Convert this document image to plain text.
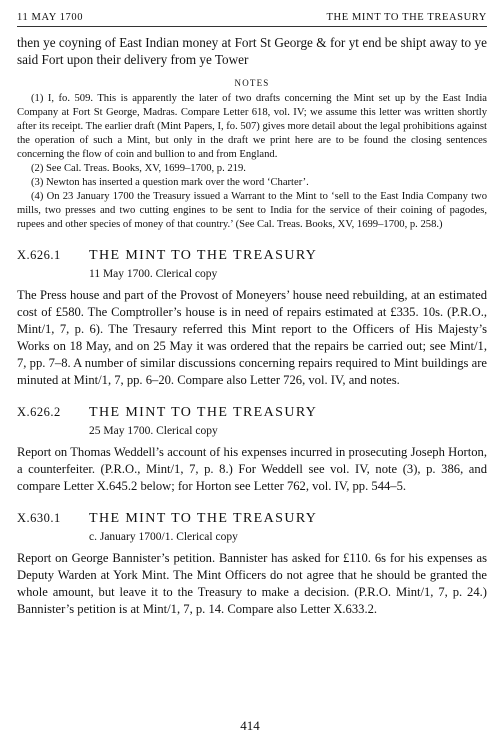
11 MAY 1700	THE MINT TO THE TREASURY

then ye coyning of East Indian money at Fort St George & for yt end be shipt away to ye said Fort upon their delivery from ye Tower

NOTES

(1) I, fo. 509. This is apparently the later of two drafts concerning the Mint set up by the East India Company at Fort St George, Madras. Compare Letter 618, vol. IV; we assume this letter was written shortly after its receipt. The earlier draft (Mint Papers, I, fo. 507) gives more detail about the legal prohibitions against the operation of such a Mint, but only in the draft we print here are to be found the closing sentences concerning the flow of coin and bullion to and from England.

(2) See Cal. Treas. Books, XV, 1699–1700, p. 219.

(3) Newton has inserted a question mark over the word ‘Charter’.

(4) On 23 January 1700 the Treasury issued a Warrant to the Mint to ‘sell to the East India Company two mills, two presses and two cutting engines to be sent to India for the service of their coining of pagodes, rupees and other species of money of that country.’ (See Cal. Treas. Books, XV, 1699–1700, p. 258.)

X.626.1	THE MINT TO THE TREASURY
11 May 1700. Clerical copy

The Press house and part of the Provost of Moneyers’ house need rebuilding, at an estimated cost of £580. The Comptroller’s house is in need of repairs estimated at £335. 10s. (P.R.O., Mint/1, 7, p. 6). The Tresaury referred this Mint report to the Officers of His Majesty’s Works on 18 May, and on 25 May it was ordered that the repairs be carried out; see Mint/1, 7, pp. 7–8. A number of similar discussions concerning repairs required to Mint buildings are minuted at Mint/1, 7, pp. 6–20. Compare also Letter 726, vol. IV, and notes.

X.626.2	THE MINT TO THE TREASURY
25 May 1700. Clerical copy

Report on Thomas Weddell’s account of his expenses incurred in prosecuting Joseph Horton, a counterfeiter. (P.R.O., Mint/1, 7, p. 8.) For Weddell see vol. IV, note (3), p. 386, and compare Letter X.645.2 below; for Horton see Letter 762, vol. IV, pp. 544–5.

X.630.1	THE MINT TO THE TREASURY
c. January 1700/1. Clerical copy

Report on George Bannister’s petition. Bannister has asked for £110. 6s for his expenses as Deputy Warden at York Mint. The Mint Officers do not agree that he should be granted the whole amount, but leave it to the Treasury to make a decision. (P.R.O. Mint/1, 7, p. 24.) Bannister’s petition is at Mint/1, 7, p. 14. Compare also Letter X.633.2.

414
